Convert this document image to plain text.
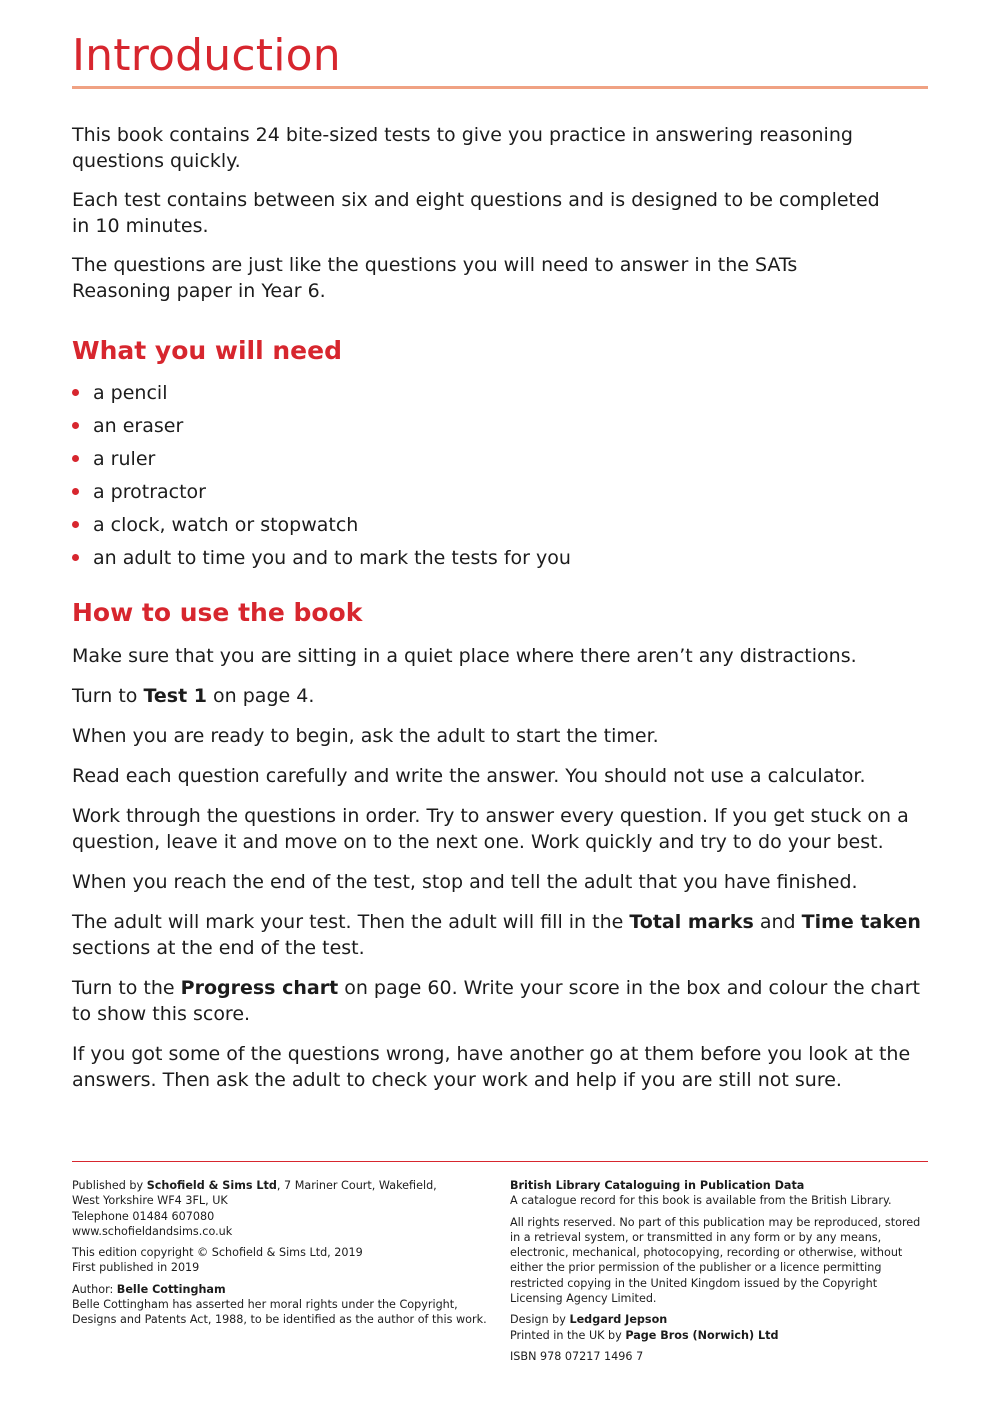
Introduction

This book contains 24 bite-sized tests to give you practice in answering reasoning questions quickly.

Each test contains between six and eight questions and is designed to be completed in 10 minutes.

The questions are just like the questions you will need to answer in the SATs Reasoning paper in Year 6.

What you will need
a pencil
an eraser
a ruler
a protractor
a clock, watch or stopwatch
an adult to time you and to mark the tests for you
How to use the book

Make sure that you are sitting in a quiet place where there aren’t any distractions.

Turn to Test 1 on page 4.

When you are ready to begin, ask the adult to start the timer.

Read each question carefully and write the answer. You should not use a calculator.

Work through the questions in order. Try to answer every question. If you get stuck on a question, leave it and move on to the next one. Work quickly and try to do your best.

When you reach the end of the test, stop and tell the adult that you have finished.

The adult will mark your test. Then the adult will fill in the Total marks and Time taken sections at the end of the test.

Turn to the Progress chart on page 60. Write your score in the box and colour the chart to show this score.

If you got some of the questions wrong, have another go at them before you look at the answers. Then ask the adult to check your work and help if you are still not sure.

Published by Schofield & Sims Ltd, 7 Mariner Court, Wakefield,
West Yorkshire WF4 3FL, UK
Telephone 01484 607080
www.schofieldandsims.co.uk

This edition copyright © Schofield & Sims Ltd, 2019
First published in 2019

Author: Belle Cottingham
Belle Cottingham has asserted her moral rights under the Copyright, Designs and Patents Act, 1988, to be identified as the author of this work.

British Library Cataloguing in Publication Data
A catalogue record for this book is available from the British Library.

All rights reserved. No part of this publication may be reproduced, stored in a retrieval system, or transmitted in any form or by any means, electronic, mechanical, photocopying, recording or otherwise, without either the prior permission of the publisher or a licence permitting restricted copying in the United Kingdom issued by the Copyright Licensing Agency Limited.

Design by Ledgard Jepson
Printed in the UK by Page Bros (Norwich) Ltd

ISBN 978 07217 1496 7
